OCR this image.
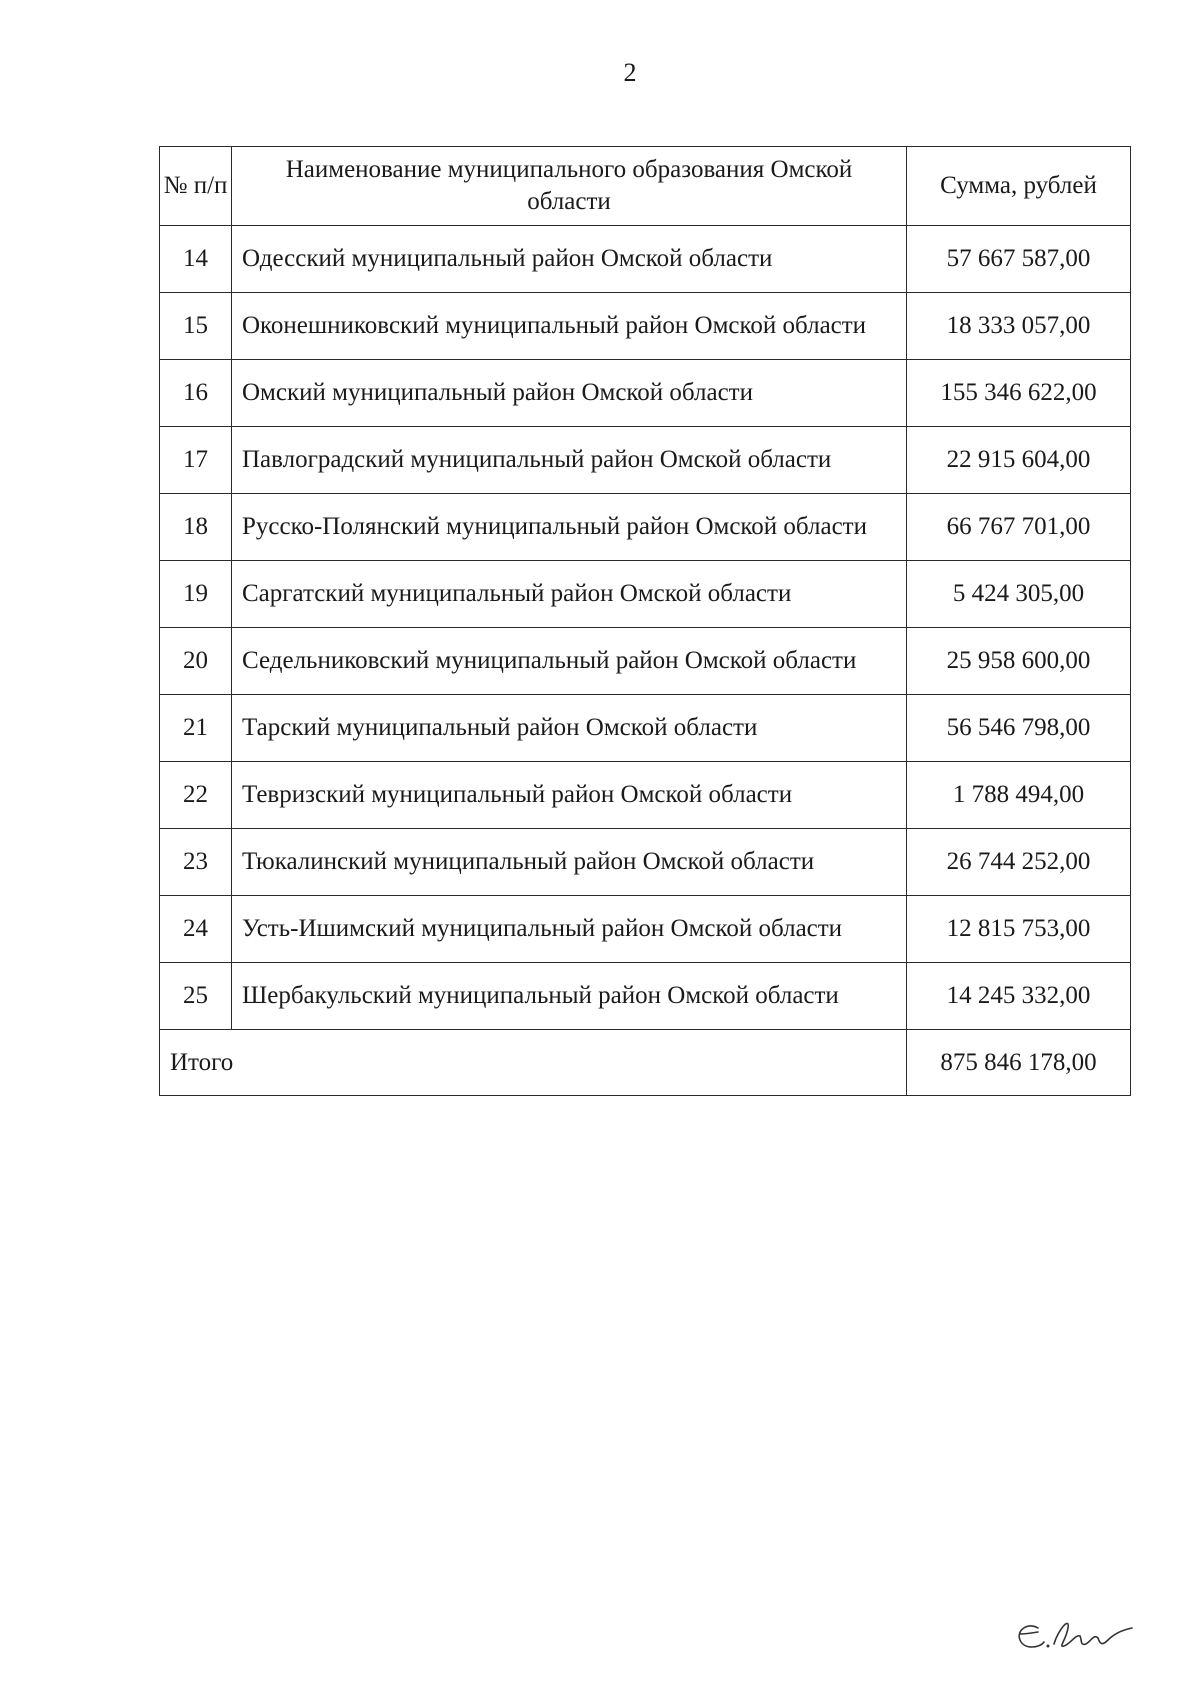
2
№ п/п	Наименование муниципального образования Омской области	Сумма, рублей
14	Одесский муниципальный район Омской области	57 667 587,00
15	Оконешниковский муниципальный район Омской области	18 333 057,00
16	Омский муниципальный район Омской области	155 346 622,00
17	Павлоградский муниципальный район Омской области	22 915 604,00
18	Русско-Полянский муниципальный район Омской области	66 767 701,00
19	Саргатский муниципальный район Омской области	5 424 305,00
20	Седельниковский муниципальный район Омской области	25 958 600,00
21	Тарский муниципальный район Омской области	56 546 798,00
22	Тевризский муниципальный район Омской области	1 788 494,00
23	Тюкалинский муниципальный район Омской области	26 744 252,00
24	Усть-Ишимский муниципальный район Омской области	12 815 753,00
25	Шербакульский муниципальный район Омской области	14 245 332,00
Итого		875 846 178,00
